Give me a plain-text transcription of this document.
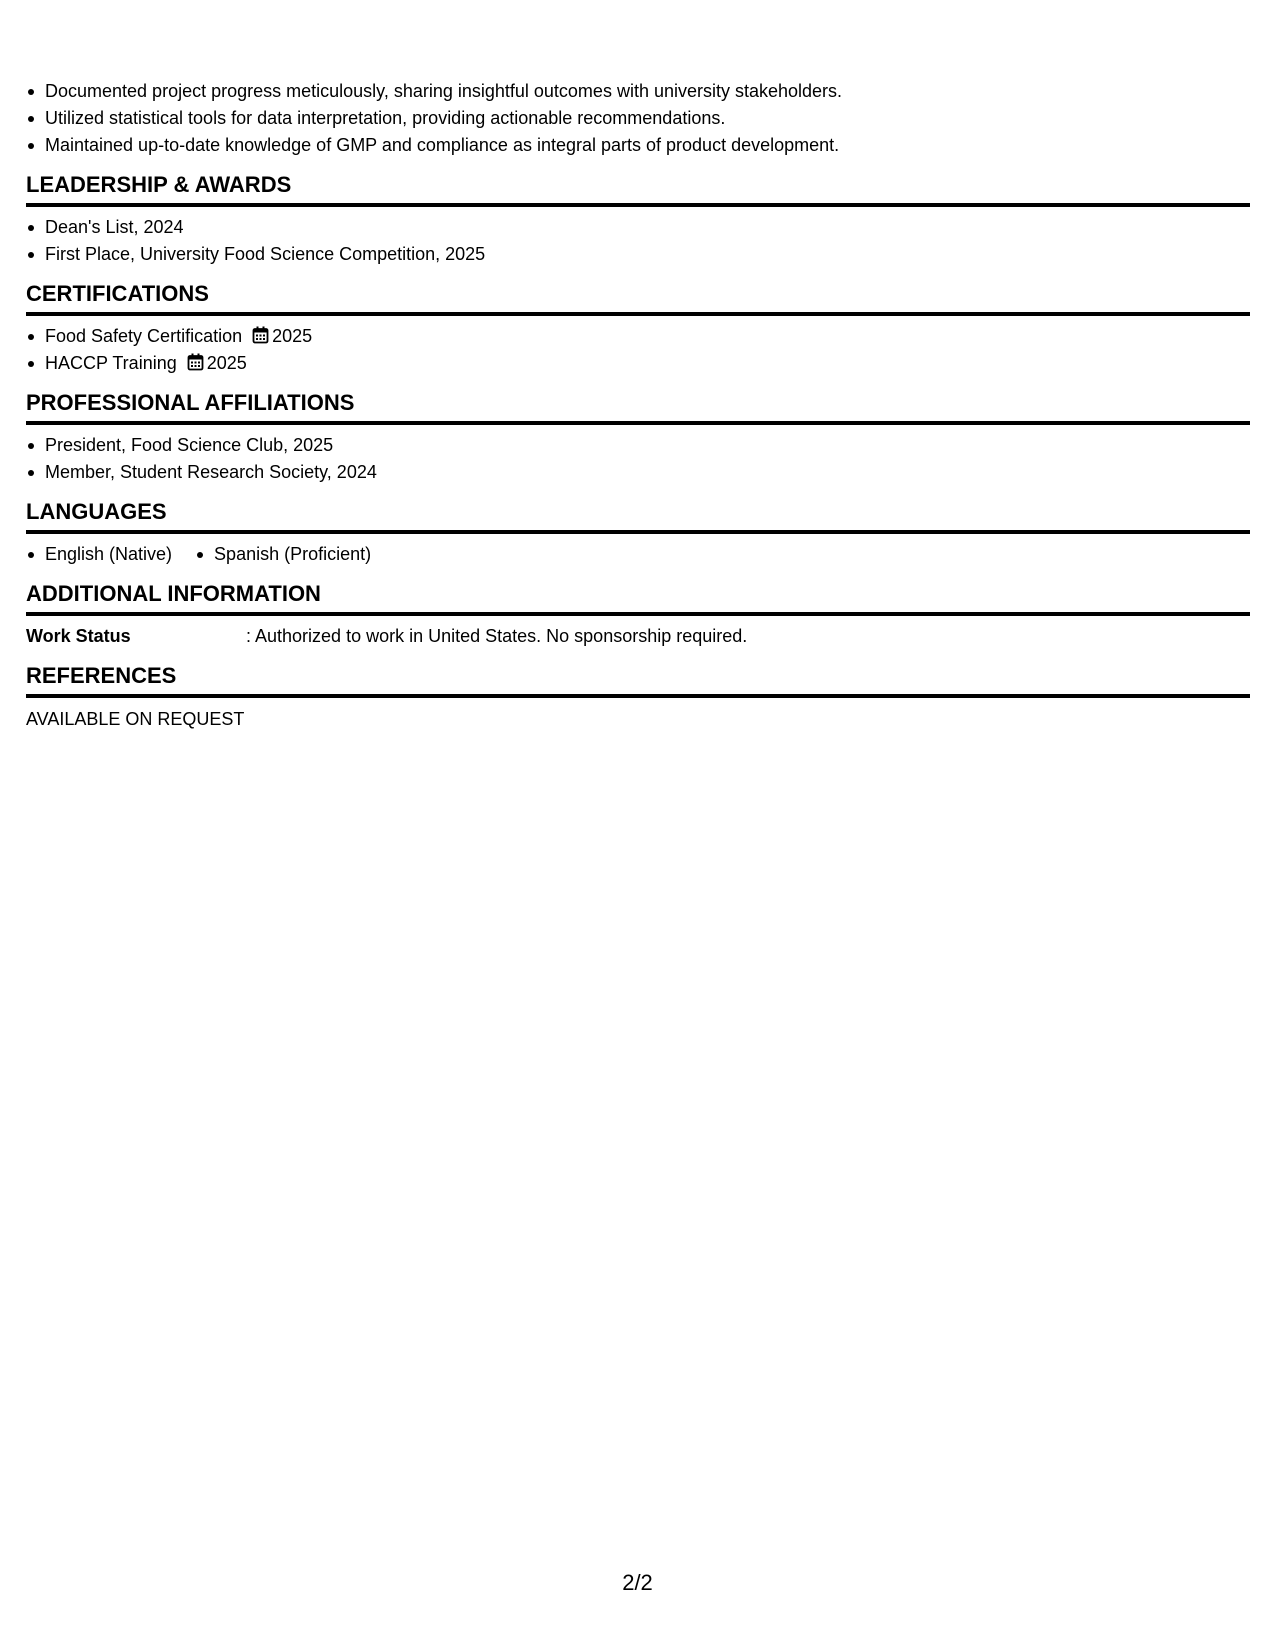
Documented project progress meticulously, sharing insightful outcomes with university stakeholders.
Utilized statistical tools for data interpretation, providing actionable recommendations.
Maintained up-to-date knowledge of GMP and compliance as integral parts of product development.
LEADERSHIP & AWARDS
Dean's List, 2024
First Place, University Food Science Competition, 2025
CERTIFICATIONS
Food Safety Certification 2025
HACCP Training 2025
PROFESSIONAL AFFILIATIONS
President, Food Science Club, 2025
Member, Student Research Society, 2024
LANGUAGES
English (Native)	Spanish (Proficient)
ADDITIONAL INFORMATION
Work Status	: Authorized to work in United States. No sponsorship required.
REFERENCES
AVAILABLE ON REQUEST
2/2
